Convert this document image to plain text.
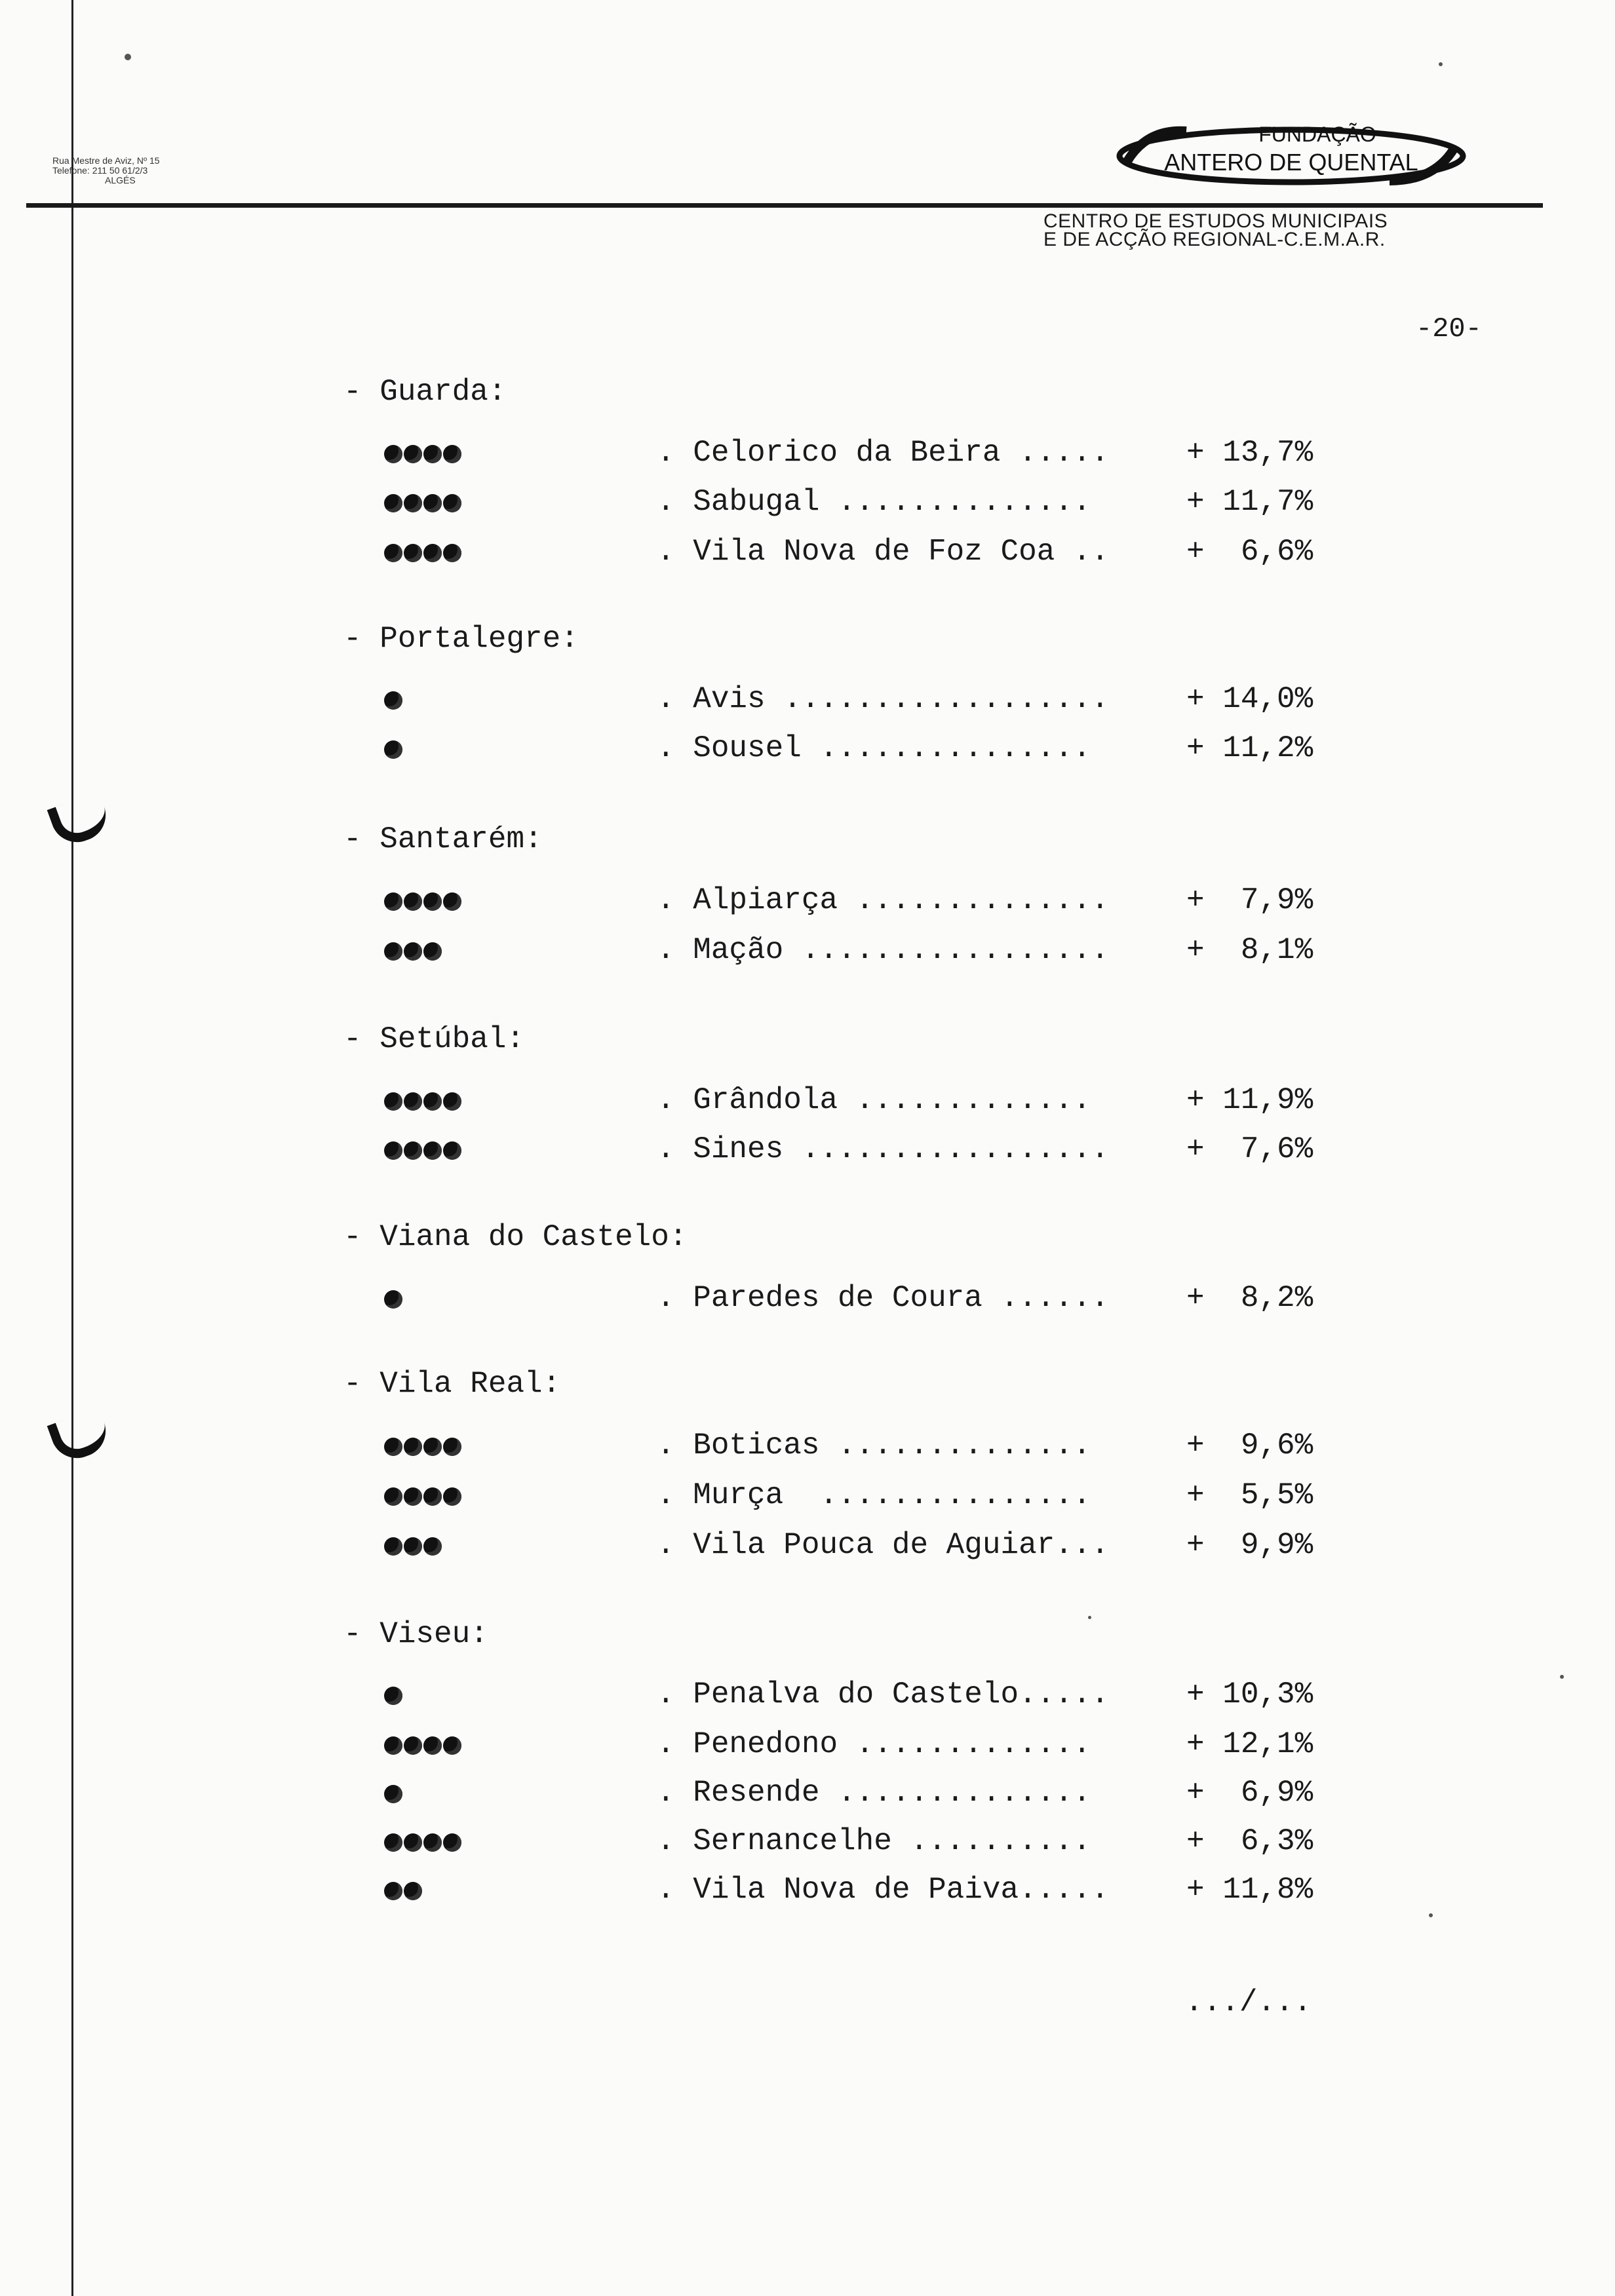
Rua Mestre de Aviz, Nº 15
Telefone: 211 50 61/2/3
ALGÉS
FUNDAÇÃO
ANTERO DE QUENTAL
CENTRO DE ESTUDOS MUNICIPAIS
E DE ACÇÃO REGIONAL-C.E.M.A.R.
-20-
- Guarda:
. Celorico da Beira .....	+ 13,7%
. Sabugal ..............	+ 11,7%
. Vila Nova de Foz Coa ..	+  6,6%
- Portalegre:
. Avis ..................	+ 14,0%
. Sousel ...............	+ 11,2%
- Santarém:
. Alpiarça ..............	+  7,9%
. Mação .................	+  8,1%
- Setúbal:
. Grândola .............	+ 11,9%
. Sines .................	+  7,6%
- Viana do Castelo:
. Paredes de Coura ......	+  8,2%
- Vila Real:
. Boticas ..............	+  9,6%
. Murça  ...............	+  5,5%
. Vila Pouca de Aguiar...	+  9,9%
- Viseu:
. Penalva do Castelo.....	+ 10,3%
. Penedono .............	+ 12,1%
. Resende ..............	+  6,9%
. Sernancelhe ..........	+  6,3%
. Vila Nova de Paiva.....	+ 11,8%
.../...
